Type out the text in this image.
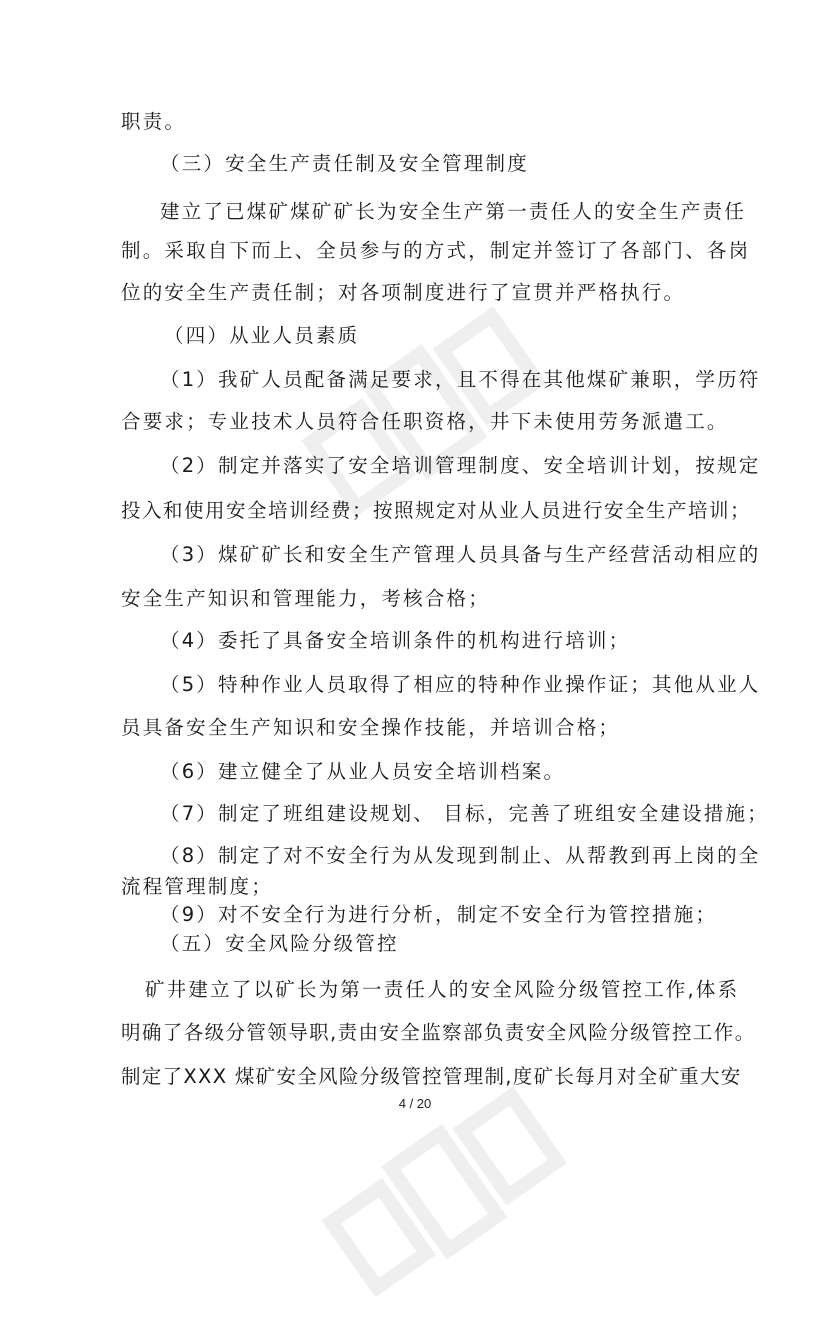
职责。

（三）安全生产责任制及安全管理制度

建立了已煤矿煤矿矿长为安全生产第一责任人的安全生产责任

制。采取自下而上、全员参与的方式，制定并签订了各部门、各岗

位的安全生产责任制；对各项制度进行了宣贯并严格执行。

（四）从业人员素质

（1）我矿人员配备满足要求，且不得在其他煤矿兼职，学历符

合要求；专业技术人员符合任职资格，井下未使用劳务派遣工。

（2）制定并落实了安全培训管理制度、安全培训计划，按规定

投入和使用安全培训经费；按照规定对从业人员进行安全生产培训；

（3）煤矿矿长和安全生产管理人员具备与生产经营活动相应的

安全生产知识和管理能力，考核合格；

（4）委托了具备安全培训条件的机构进行培训；

（5）特种作业人员取得了相应的特种作业操作证；其他从业人

员具备安全生产知识和安全操作技能，并培训合格；

（6）建立健全了从业人员安全培训档案。

（7）制定了班组建设规划、 目标，完善了班组安全建设措施；

（8）制定了对不安全行为从发现到制止、从帮教到再上岗的全

流程管理制度；

（9）对不安全行为进行分析，制定不安全行为管控措施；

（五）安全风险分级管控

矿井建立了以矿长为第一责任人的安全风险分级管控工作,体系

明确了各级分管领导职,责由安全监察部负责安全风险分级管控工作。

制定了XXX 煤矿安全风险分级管控管理制,度矿长每月对全矿重大安

4 / 20
